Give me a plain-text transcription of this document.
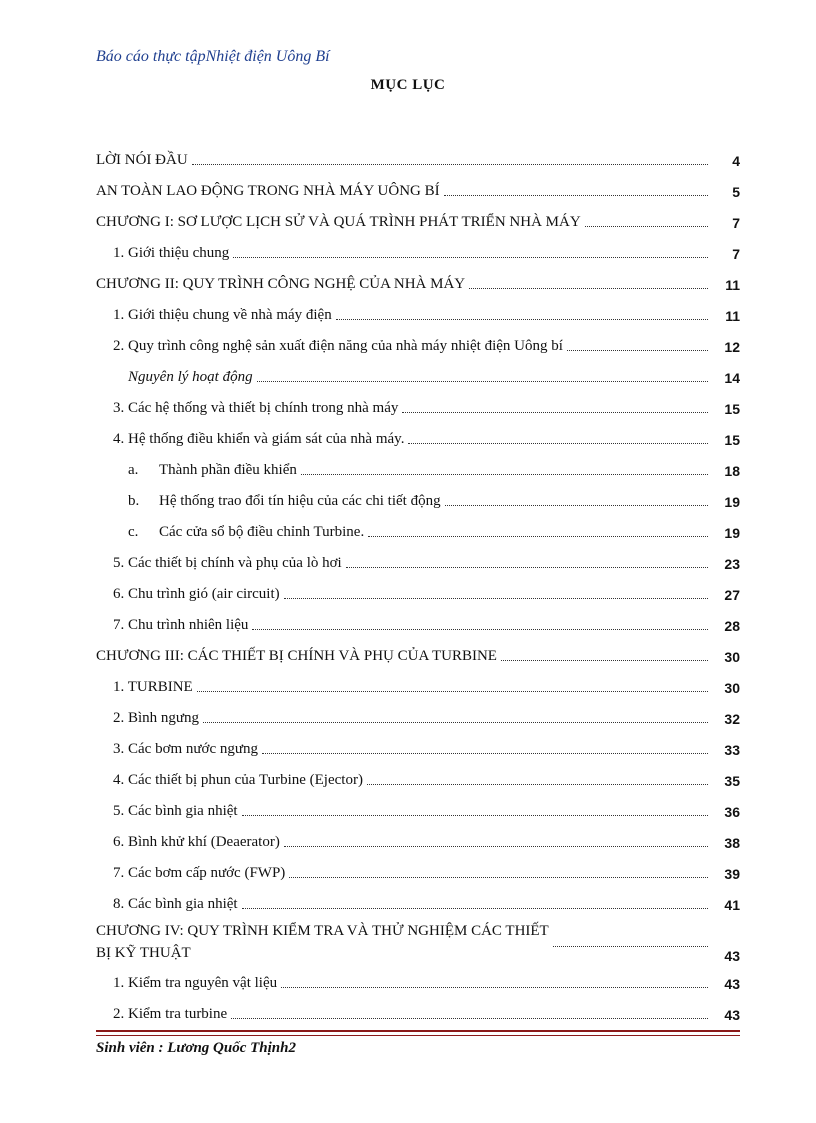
Báo cáo thực tậpNhiệt điện Uông Bí
MỤC LỤC
LỜI NÓI ĐẦU	4
AN TOÀN LAO ĐỘNG TRONG NHÀ MÁY UÔNG BÍ	5
CHƯƠNG I: SƠ LƯỢC LỊCH SỬ VÀ QUÁ TRÌNH PHÁT TRIỂN NHÀ MÁY	7
1. Giới thiệu chung	7
CHƯƠNG II: QUY TRÌNH CÔNG NGHỆ CỦA NHÀ MÁY	11
1. Giới thiệu chung về nhà máy điện	11
2. Quy trình công nghệ sản xuất điện năng của nhà máy nhiệt điện Uông bí	12
Nguyên lý hoạt động	14
3. Các hệ thống và thiết bị chính trong nhà máy	15
4. Hệ thống điều khiển và giám sát của nhà máy.	15
a.	Thành phần điều khiển	18
b.	Hệ thống trao đổi tín hiệu của các chi tiết động	19
c.	Các cửa sổ bộ điều chỉnh Turbine.	19
5. Các thiết bị chính và phụ của lò hơi	23
6. Chu trình gió (air circuit)	27
7. Chu trình nhiên liệu	28
CHƯƠNG III: CÁC THIẾT BỊ CHÍNH VÀ PHỤ CỦA TURBINE	30
1. TURBINE	30
2. Bình ngưng	32
3. Các bơm nước ngưng	33
4. Các thiết bị phun của Turbine (Ejector)	35
5. Các bình gia nhiệt	36
6. Bình khử khí (Deaerator)	38
7. Các bơm cấp nước (FWP)	39
8. Các bình gia nhiệt	41
CHƯƠNG IV: QUY TRÌNH KIỂM TRA VÀ THỬ NGHIỆM CÁC THIẾT
BỊ KỸ THUẬT	43
1. Kiểm tra nguyên vật liệu	43
2. Kiểm tra turbine	43
Sinh viên : Lương Quốc Thịnh2
